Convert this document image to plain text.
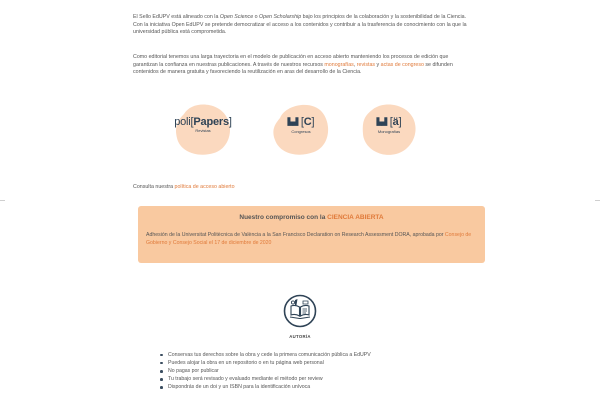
El Sello EdUPV está alineado con la Open Science o Open Scholarship bajo los principios de la colaboración y la sostenibilidad de la Ciencia. Con la iniciativa Open EdUPV se pretende democratizar el acceso a los contenidos y contribuir a la trasferencia de conocimiento con la que la universidad pública está comprometida.

Como editorial tenemos una larga trayectoria en el modelo de publicación en acceso abierto manteniendo los procesos de edición que garantizan la confianza en nuestras publicaciones. A través de nuestros recursos monografías, revistas y actas de congreso se difunden contenidos de manera gratuita y favoreciendo la reutilización en aras del desarrollo de la Ciencia.

poli[Papers]
Revistas
▙▟ [C]
Congresos
▙▟ [ä]
Monografías
Consulta nuestra política de acceso abierto
Nuestro compromiso con la CIENCIA ABIERTA
Adhesión de la Universitat Politècnica de València a la San Francisco Declaration on Research Assessment DORA, aprobada por Consejo de Gobierno y Consejo Social el 17 de diciembre de 2020
AUTORÍA
Conservas tus derechos sobre la obra y cede la primera comunicación pública a EdUPV
Puedes alojar la obra en un repositorio o en tu página web personal
No pagas por publicar
Tu trabajo será revisado y evaluado mediante el método per review
Dispondrás de un doi y un ISBN para la identificación unívoca
